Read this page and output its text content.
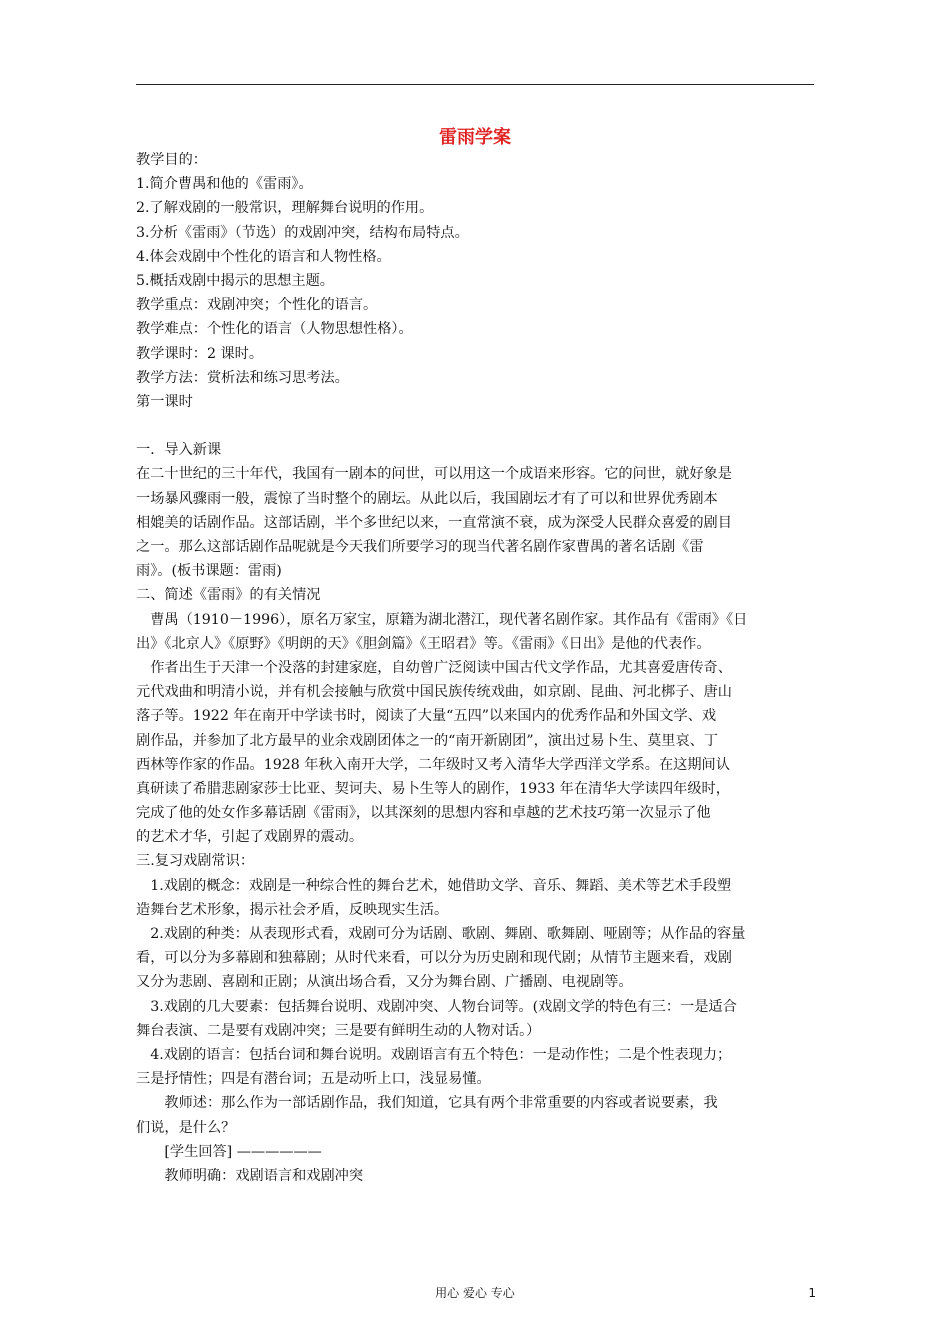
雷雨学案
教学目的：
1.简介曹禺和他的《雷雨》。
2.了解戏剧的一般常识，理解舞台说明的作用。
3.分析《雷雨》（节选）的戏剧冲突，结构布局特点。
4.体会戏剧中个性化的语言和人物性格。
5.概括戏剧中揭示的思想主题。
教学重点：戏剧冲突；个性化的语言。
教学难点：个性化的语言（人物思想性格）。
教学课时：2 课时。
教学方法：赏析法和练习思考法。
第一课时
一．导入新课
在二十世纪的三十年代，我国有一剧本的问世，可以用这一个成语来形容。它的问世，就好象是
一场暴风骤雨一般，震惊了当时整个的剧坛。从此以后，我国剧坛才有了可以和世界优秀剧本
相媲美的话剧作品。这部话剧，半个多世纪以来，一直常演不衰，成为深受人民群众喜爱的剧目
之一。那么这部话剧作品呢就是今天我们所要学习的现当代著名剧作家曹禺的著名话剧《雷
雨》。(板书课题：雷雨)
二、简述《雷雨》的有关情况
　曹禺（1910－1996），原名万家宝，原籍为湖北潜江，现代著名剧作家。其作品有《雷雨》《日
出》《北京人》《原野》《明朗的天》《胆剑篇》《王昭君》等。《雷雨》《日出》是他的代表作。
　作者出生于天津一个没落的封建家庭，自幼曾广泛阅读中国古代文学作品，尤其喜爱唐传奇、
元代戏曲和明清小说，并有机会接触与欣赏中国民族传统戏曲，如京剧、昆曲、河北梆子、唐山
落子等。1922 年在南开中学读书时，阅读了大量“五四”以来国内的优秀作品和外国文学、戏
剧作品，并参加了北方最早的业余戏剧团体之一的“南开新剧团”，演出过易卜生、莫里哀、丁
西林等作家的作品。1928 年秋入南开大学，二年级时又考入清华大学西洋文学系。在这期间认
真研读了希腊悲剧家莎士比亚、契诃夫、易卜生等人的剧作，1933 年在清华大学读四年级时，
完成了他的处女作多幕话剧《雷雨》，以其深刻的思想内容和卓越的艺术技巧第一次显示了他
的艺术才华，引起了戏剧界的震动。
三.复习戏剧常识：
　1.戏剧的概念：戏剧是一种综合性的舞台艺术，她借助文学、音乐、舞蹈、美术等艺术手段塑
造舞台艺术形象，揭示社会矛盾，反映现实生活。
　2.戏剧的种类：从表现形式看，戏剧可分为话剧、歌剧、舞剧、歌舞剧、哑剧等；从作品的容量
看，可以分为多幕剧和独幕剧；从时代来看，可以分为历史剧和现代剧；从情节主题来看，戏剧
又分为悲剧、喜剧和正剧；从演出场合看，又分为舞台剧、广播剧、电视剧等。
　3.戏剧的几大要素：包括舞台说明、戏剧冲突、人物台词等。(戏剧文学的特色有三：一是适合
舞台表演、二是要有戏剧冲突；三是要有鲜明生动的人物对话。）
　4.戏剧的语言：包括台词和舞台说明。戏剧语言有五个特色：一是动作性；二是个性表现力；
三是抒情性；四是有潜台词；五是动听上口，浅显易懂。
　　教师述：那么作为一部话剧作品，我们知道，它具有两个非常重要的内容或者说要素，我
们说，是什么？
　　[学生回答] ——————
　　教师明确：戏剧语言和戏剧冲突
用心 爱心 专心	1
